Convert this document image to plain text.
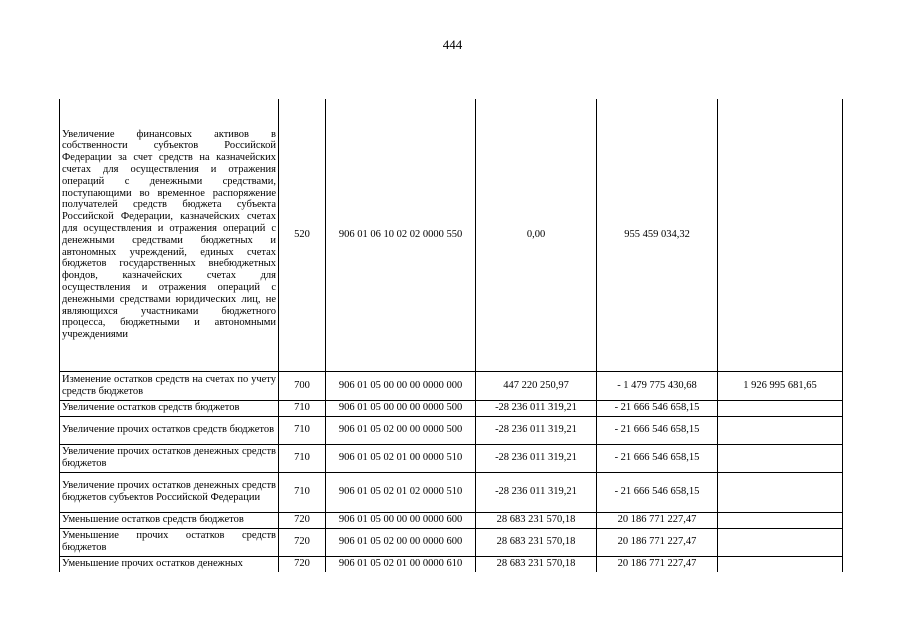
444
Увеличение финансовых активов в собственности субъектов Российской Федерации за счет средств на казначейских счетах для осуществления и отражения операций с денежными средствами, поступающими во временное распоряжение получателей средств бюджета субъекта Российской Федерации, казначейских счетах для осуществления и отражения операций с денежными средствами бюджетных и автономных учреждений, единых счетах бюджетов государственных внебюджетных фондов, казначейских счетах для осуществления и отражения операций с денежными средствами юридических лиц, не являющихся участниками бюджетного процесса, бюджетными и автономными учреждениями	520	906 01 06 10 02 02 0000 550	0,00	955 459 034,32	
Изменение остатков средств на счетах по учету средств бюджетов	700	906 01 05 00 00 00 0000 000	447 220 250,97	- 1 479 775 430,68	1 926 995 681,65
Увеличение остатков средств бюджетов	710	906 01 05 00 00 00 0000 500	-28 236 011 319,21	- 21 666 546 658,15	
Увеличение прочих остатков средств бюджетов	710	906 01 05 02 00 00 0000 500	-28 236 011 319,21	- 21 666 546 658,15	
Увеличение прочих остатков денежных средств бюджетов	710	906 01 05 02 01 00 0000 510	-28 236 011 319,21	- 21 666 546 658,15	
Увеличение прочих остатков денежных средств бюджетов субъектов Российской Федерации	710	906 01 05 02 01 02 0000 510	-28 236 011 319,21	- 21 666 546 658,15	
Уменьшение остатков средств бюджетов	720	906 01 05 00 00 00 0000 600	28 683 231 570,18	20 186 771 227,47	
Уменьшение прочих остатков средств бюджетов	720	906 01 05 02 00 00 0000 600	28 683 231 570,18	20 186 771 227,47	
Уменьшение прочих остатков денежных	720	906 01 05 02 01 00 0000 610	28 683 231 570,18	20 186 771 227,47	
